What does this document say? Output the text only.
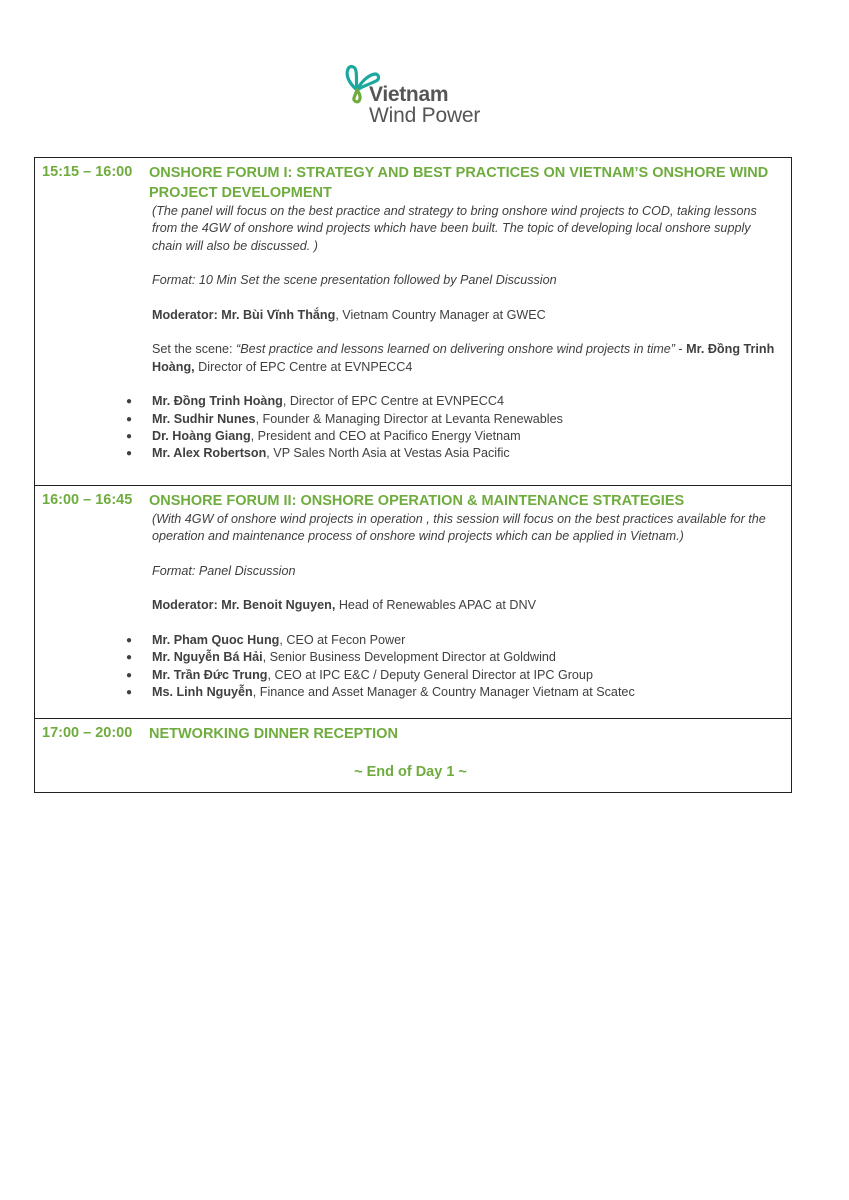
Vietnam
Wind Power
15:15 – 16:00 ONSHORE FORUM I: STRATEGY AND BEST PRACTICES ON VIETNAM’S ONSHORE WIND PROJECT DEVELOPMENT

(The panel will focus on the best practice and strategy to bring onshore wind projects to COD, taking lessons from the 4GW of onshore wind projects which have been built. The topic of developing local onshore supply chain will also be discussed. )

Format: 10 Min Set the scene presentation followed by Panel Discussion

Moderator: Mr. Bùi Vĩnh Thắng, Vietnam Country Manager at GWEC

Set the scene: “Best practice and lessons learned on delivering onshore wind projects in time” - Mr. Đồng Trinh Hoàng, Director of EPC Centre at EVNPECC4

● Mr. Đồng Trinh Hoàng, Director of EPC Centre at EVNPECC4
● Mr. Sudhir Nunes, Founder & Managing Director at Levanta Renewables
● Dr. Hoàng Giang, President and CEO at Pacifico Energy Vietnam
● Mr. Alex Robertson, VP Sales North Asia at Vestas Asia Pacific
16:00 – 16:45 ONSHORE FORUM II: ONSHORE OPERATION & MAINTENANCE STRATEGIES

(With 4GW of onshore wind projects in operation , this session will focus on the best practices available for the operation and maintenance process of onshore wind projects which can be applied in Vietnam.)

Format: Panel Discussion

Moderator: Mr. Benoit Nguyen, Head of Renewables APAC at DNV

● Mr. Pham Quoc Hung, CEO at Fecon Power
● Mr. Nguyễn Bá Hải, Senior Business Development Director at Goldwind
● Mr. Trần Đức Trung, CEO at IPC E&C / Deputy General Director at IPC Group
● Ms. Linh Nguyễn, Finance and Asset Manager & Country Manager Vietnam at Scatec
17:00 – 20:00 NETWORKING DINNER RECEPTION
~ End of Day 1 ~
